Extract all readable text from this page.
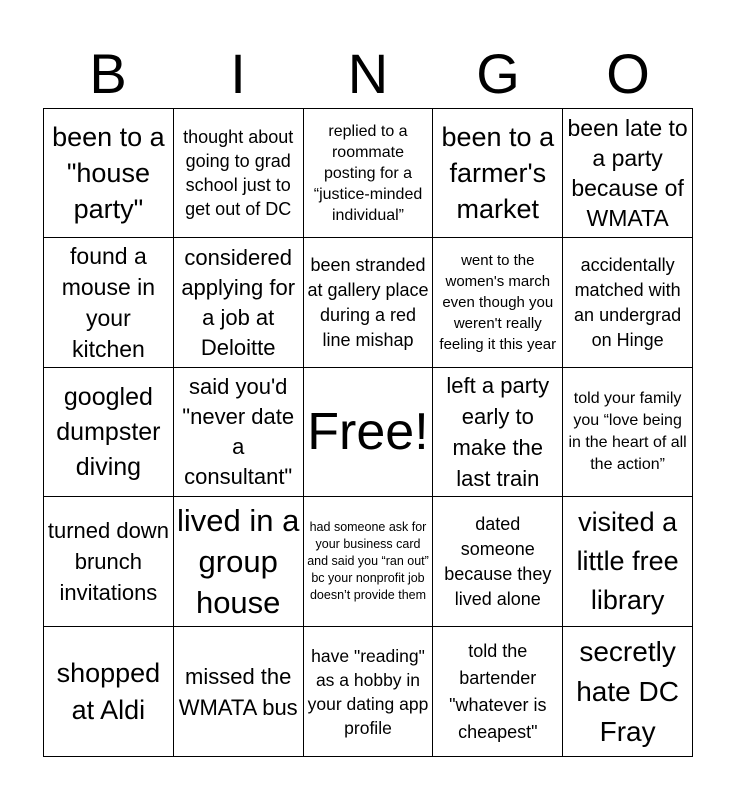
B	I	N	G	O
been to a "house party"	thought about going to grad school just to get out of DC	replied to a roommate posting for a “justice-minded individual”	been to a farmer's market	been late to a party because of WMATA
found a mouse in your kitchen	considered applying for a job at Deloitte	been stranded at gallery place during a red line mishap	went to the women's march even though you weren't really feeling it this year	accidentally matched with an undergrad on Hinge
googled dumpster diving	said you'd "never date a consultant"	Free!	left a party early to make the last train	told your family you “love being in the heart of all the action”
turned down brunch invitations	lived in a group house	had someone ask for your business card and said you “ran out” bc your nonprofit job doesn’t provide them	dated someone because they lived alone	visited a little free library
shopped at Aldi	missed the WMATA bus	have "reading" as a hobby in your dating app profile	told the bartender "whatever is cheapest"	secretly hate DC Fray
